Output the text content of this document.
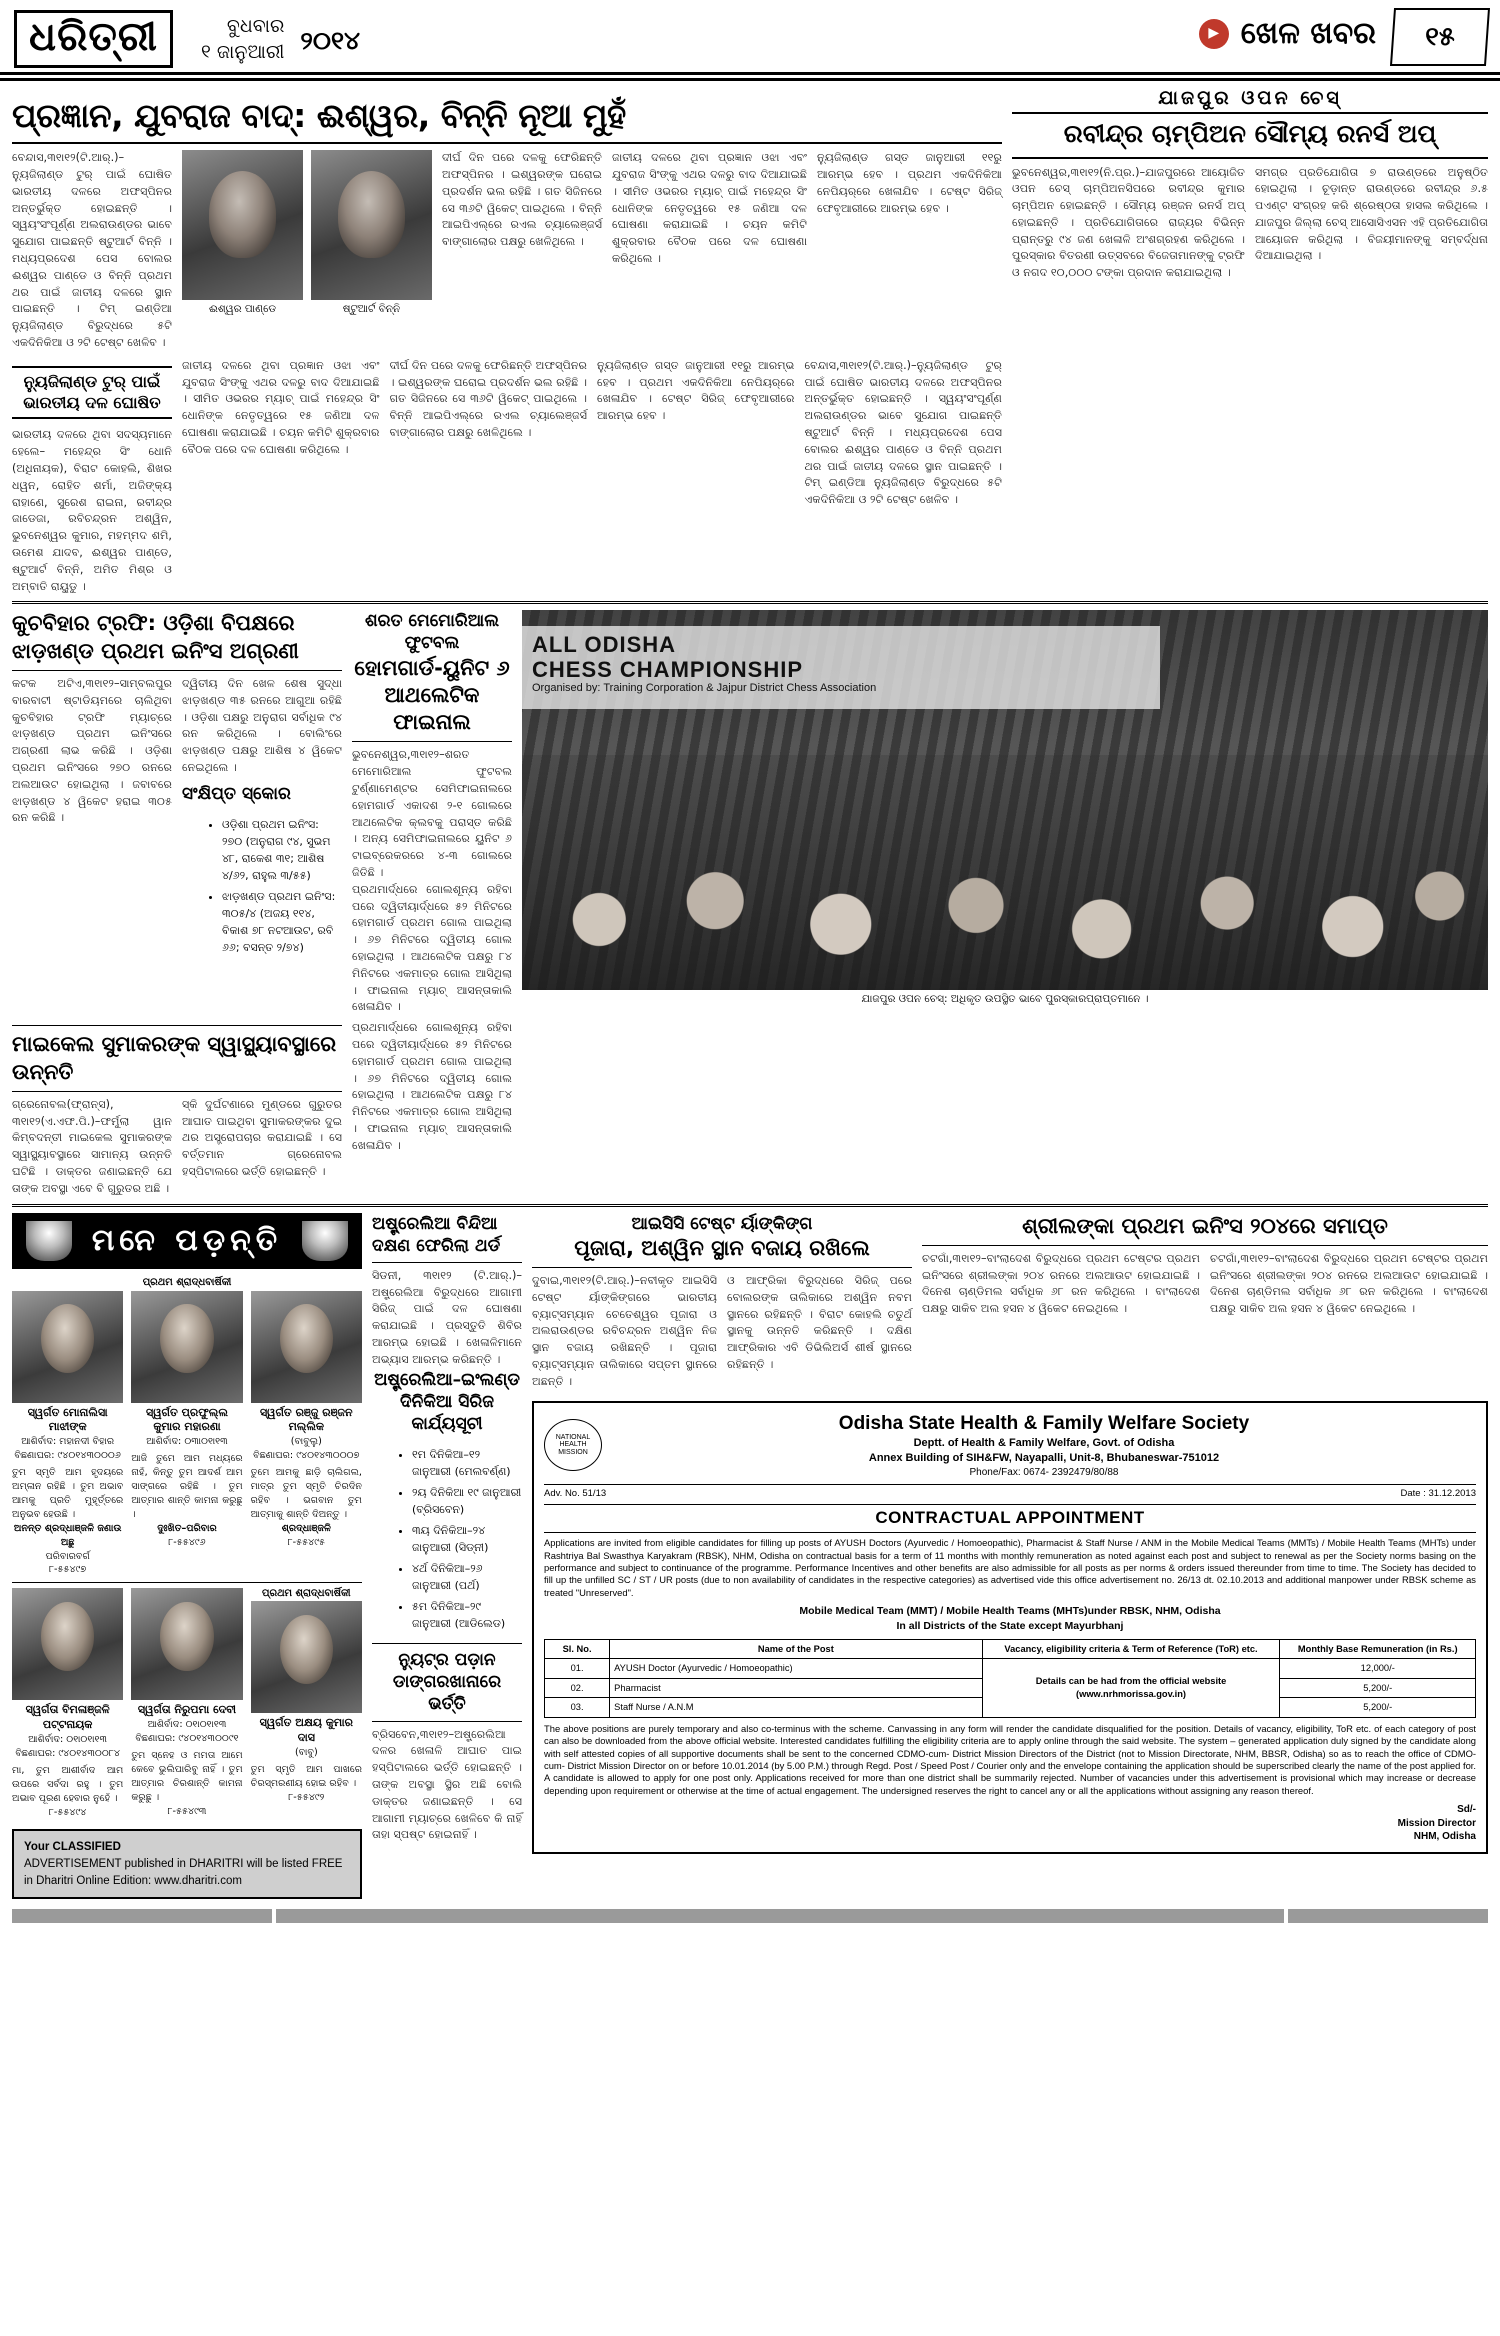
ଧରିତ୍ରୀ	ବୁଧବାର
୧ ଜାନୁଆରୀ ୨୦୧୪	▶ ଖେଳ ଖବର	୧୫
ପ୍ରଜ୍ଞାନ, ଯୁବରାଜ ବାଦ୍: ଈଶ୍ୱର, ବିନ୍ନି ନୂଆ ମୁହଁ
ବେନ୍ଦାସ,୩୧ା୧୨(ଟି.ଆର୍.)–ନ୍ୟୁଜିଲାଣ୍ଡ ଟୁର୍ ପାଇଁ ଘୋଷିତ ଭାରତୀୟ ଦଳରେ ଅଫସ୍ପିନର ଅନ୍ତର୍ଭୁକ୍ତ ହୋଇଛନ୍ତି । ସ୍ୱୟଂସଂପୂର୍ଣ୍ଣ ଅଲରାଉଣ୍ଡର ଭାବେ ସୁଯୋଗ ପାଇଛନ୍ତି ଷ୍ଟୁଆର୍ଟ ବିନ୍ନି । ମଧ୍ୟପ୍ରଦେଶ ପେସ ବୋଲର ଈଶ୍ୱର ପାଣ୍ଡେ ଓ ବିନ୍ନି ପ୍ରଥମ ଥର ପାଇଁ ଜାତୀୟ ଦଳରେ ସ୍ଥାନ ପାଇଛନ୍ତି । ଟିମ୍ ଇଣ୍ଡିଆ ନ୍ୟୁଜିଲାଣ୍ଡ ବିରୁଦ୍ଧରେ ୫ଟି ଏକଦିନିକିଆ ଓ ୨ଟି ଟେଷ୍ଟ ଖେଳିବ ।
ଈଶ୍ୱର ପାଣ୍ଡେ	ଷ୍ଟୁଆର୍ଟ ବିନ୍ନି
ଦୀର୍ଘ ଦିନ ପରେ ଦଳକୁ ଫେରିଛନ୍ତି ଅଫସ୍ପିନର । ଇଶ୍ୱରଙ୍କ ଘରୋଇ ପ୍ରଦର୍ଶନ ଭଲ ରହିଛି । ଗତ ସିଜିନରେ ସେ ୩୬ଟି ୱିକେଟ୍ ପାଇଥିଲେ । ବିନ୍ନି ଆଇପିଏଲ୍‌ରେ ରଏଲ ଚ୍ୟାଲେଞ୍ଜର୍ସ ବାଙ୍ଗାଲୋର ପକ୍ଷରୁ ଖେଳିଥିଲେ ।
ଜାତୀୟ ଦଳରେ ଥିବା ପ୍ରଜ୍ଞାନ ଓଝା ଏବଂ ଯୁବରାଜ ସିଂଙ୍କୁ ଏଥର ଦଳରୁ ବାଦ ଦିଆଯାଇଛି । ସୀମିତ ଓଭରର ମ୍ୟାଚ୍ ପାଇଁ ମହେନ୍ଦ୍ର ସିଂ ଧୋନିଙ୍କ ନେତୃତ୍ୱରେ ୧୫ ଜଣିଆ ଦଳ ଘୋଷଣା କରାଯାଇଛି । ଚୟନ କମିଟି ଶୁକ୍ରବାର ବୈଠକ ପରେ ଦଳ ଘୋଷଣା କରିଥିଲେ ।
ନ୍ୟୁଜିଲାଣ୍ଡ ଗସ୍ତ ଜାନୁଆରୀ ୧୧ରୁ ଆରମ୍ଭ ହେବ । ପ୍ରଥମ ଏକଦିନିକିଆ ନେପିୟର୍‌ରେ ଖେଳାଯିବ । ଟେଷ୍ଟ ସିରିଜ୍ ଫେବୃଆରୀରେ ଆରମ୍ଭ ହେବ ।
ନ୍ୟୁଜିଲାଣ୍ଡ ଟୁର୍ ପାଇଁ ଭାରତୀୟ ଦଳ ଘୋଷିତ
ଭାରତୀୟ ଦଳରେ ଥିବା ସଦସ୍ୟମାନେ ହେଲେ– ମହେନ୍ଦ୍ର ସିଂ ଧୋନି (ଅଧିନାୟକ), ବିରାଟ କୋହଲି, ଶିଖର ଧୱନ, ରୋହିତ ଶର୍ମା, ଅଜିଙ୍କ୍ୟ ରାହାଣେ, ସୁରେଶ ରାଇନା, ରବୀନ୍ଦ୍ର ଜାଡେଜା, ରବିଚନ୍ଦ୍ରନ ଅଶ୍ୱିନ, ଭୁବନେଶ୍ୱର କୁମାର, ମହମ୍ମଦ ଶମି, ଉମେଶ ଯାଦବ, ଈଶ୍ୱର ପାଣ୍ଡେ, ଷ୍ଟୁଆର୍ଟ ବିନ୍ନି, ଅମିତ ମିଶ୍ର ଓ ଅମ୍ବାତି ରାୟୁଡୁ ।
ଜାତୀୟ ଦଳରେ ଥିବା ପ୍ରଜ୍ଞାନ ଓଝା ଏବଂ ଯୁବରାଜ ସିଂଙ୍କୁ ଏଥର ଦଳରୁ ବାଦ ଦିଆଯାଇଛି । ସୀମିତ ଓଭରର ମ୍ୟାଚ୍ ପାଇଁ ମହେନ୍ଦ୍ର ସିଂ ଧୋନିଙ୍କ ନେତୃତ୍ୱରେ ୧୫ ଜଣିଆ ଦଳ ଘୋଷଣା କରାଯାଇଛି । ଚୟନ କମିଟି ଶୁକ୍ରବାର ବୈଠକ ପରେ ଦଳ ଘୋଷଣା କରିଥିଲେ ।
ଦୀର୍ଘ ଦିନ ପରେ ଦଳକୁ ଫେରିଛନ୍ତି ଅଫସ୍ପିନର । ଇଶ୍ୱରଙ୍କ ଘରୋଇ ପ୍ରଦର୍ଶନ ଭଲ ରହିଛି । ଗତ ସିଜିନରେ ସେ ୩୬ଟି ୱିକେଟ୍ ପାଇଥିଲେ । ବିନ୍ନି ଆଇପିଏଲ୍‌ରେ ରଏଲ ଚ୍ୟାଲେଞ୍ଜର୍ସ ବାଙ୍ଗାଲୋର ପକ୍ଷରୁ ଖେଳିଥିଲେ ।
ନ୍ୟୁଜିଲାଣ୍ଡ ଗସ୍ତ ଜାନୁଆରୀ ୧୧ରୁ ଆରମ୍ଭ ହେବ । ପ୍ରଥମ ଏକଦିନିକିଆ ନେପିୟର୍‌ରେ ଖେଳାଯିବ । ଟେଷ୍ଟ ସିରିଜ୍ ଫେବୃଆରୀରେ ଆରମ୍ଭ ହେବ ।
ବେନ୍ଦାସ,୩୧ା୧୨(ଟି.ଆର୍.)–ନ୍ୟୁଜିଲାଣ୍ଡ ଟୁର୍ ପାଇଁ ଘୋଷିତ ଭାରତୀୟ ଦଳରେ ଅଫସ୍ପିନର ଅନ୍ତର୍ଭୁକ୍ତ ହୋଇଛନ୍ତି । ସ୍ୱୟଂସଂପୂର୍ଣ୍ଣ ଅଲରାଉଣ୍ଡର ଭାବେ ସୁଯୋଗ ପାଇଛନ୍ତି ଷ୍ଟୁଆର୍ଟ ବିନ୍ନି । ମଧ୍ୟପ୍ରଦେଶ ପେସ ବୋଲର ଈଶ୍ୱର ପାଣ୍ଡେ ଓ ବିନ୍ନି ପ୍ରଥମ ଥର ପାଇଁ ଜାତୀୟ ଦଳରେ ସ୍ଥାନ ପାଇଛନ୍ତି । ଟିମ୍ ଇଣ୍ଡିଆ ନ୍ୟୁଜିଲାଣ୍ଡ ବିରୁଦ୍ଧରେ ୫ଟି ଏକଦିନିକିଆ ଓ ୨ଟି ଟେଷ୍ଟ ଖେଳିବ ।
ଯାଜପୁର ଓପନ ଚେସ୍
ରବୀନ୍ଦ୍ର ଚାମ୍ପିଅନ ସୌମ୍ୟ ରନର୍ସ ଅପ୍
ଭୁବନେଶ୍ୱର,୩୧ା୧୨(ନି.ପ୍ର.)–ଯାଜପୁରରେ ଆୟୋଜିତ ଓପନ ଚେସ୍ ଚାମ୍ପିଅନସିପରେ ରବୀନ୍ଦ୍ର କୁମାର ଚାମ୍ପିଅନ ହୋଇଛନ୍ତି । ସୌମ୍ୟ ରଞ୍ଜନ ରନର୍ସ ଅପ୍ ହୋଇଛନ୍ତି । ପ୍ରତିଯୋଗିତାରେ ରାଜ୍ୟର ବିଭିନ୍ନ ପ୍ରାନ୍ତରୁ ୯୪ ଜଣ ଖେଳାଳି ଅଂଶଗ୍ରହଣ କରିଥିଲେ । ପୁରସ୍କାର ବିତରଣୀ ଉତ୍ସବରେ ବିଜେତାମାନଙ୍କୁ ଟ୍ରଫି ଓ ନଗଦ ୧୦,୦୦୦ ଟଙ୍କା ପ୍ରଦାନ କରାଯାଇଥିଲା ।
ସମଗ୍ର ପ୍ରତିଯୋଗିତା ୭ ରାଉଣ୍ଡରେ ଅନୁଷ୍ଠିତ ହୋଇଥିଲା । ଚୂଡ଼ାନ୍ତ ରାଉଣ୍ଡରେ ରବୀନ୍ଦ୍ର ୬.୫ ପଏଣ୍ଟ ସଂଗ୍ରହ କରି ଶ୍ରେଷ୍ଠତା ହାସଲ କରିଥିଲେ । ଯାଜପୁର ଜିଲ୍ଲା ଚେସ୍ ଆସୋସିଏସନ ଏହି ପ୍ରତିଯୋଗିତା ଆୟୋଜନ କରିଥିଲା । ବିଜୟୀମାନଙ୍କୁ ସମ୍ବର୍ଦ୍ଧନା ଦିଆଯାଇଥିଲା ।
କୁଚବିହାର ଟ୍ରଫି: ଓଡ଼ିଶା ବିପକ୍ଷରେ ଝାଡ଼ଖଣ୍ଡ ପ୍ରଥମ ଇନିଂସ ଅଗ୍ରଣୀ
କଟକ ଅଟିଏ,୩୧ା୧୨–ସାମ୍ବଲପୁର ବାରବାଟୀ ଷ୍ଟାଡିୟମରେ ଚାଲିଥିବା କୁଚବିହାର ଟ୍ରଫି ମ୍ୟାଚ୍‌ରେ ଝାଡ଼ଖଣ୍ଡ ପ୍ରଥମ ଇନିଂସରେ ଅଗ୍ରଣୀ ଲାଭ କରିଛି । ଓଡ଼ିଶା ପ୍ରଥମ ଇନିଂସରେ ୨୭୦ ରନରେ ଅଲଆଉଟ ହୋଇଥିଲା । ଜବାବରେ ଝାଡ଼ଖଣ୍ଡ ୪ ୱିକେଟ ହରାଇ ୩୦୫ ରନ କରିଛି ।
ଦ୍ୱିତୀୟ ଦିନ ଖେଳ ଶେଷ ସୁଦ୍ଧା ଝାଡ଼ଖଣ୍ଡ ୩୫ ରନରେ ଆଗୁଆ ରହିଛି । ଓଡ଼ିଶା ପକ୍ଷରୁ ଅନୁରାଗ ସର୍ବାଧିକ ୯୪ ରନ କରିଥିଲେ । ବୋଲିଂରେ ଝାଡ଼ଖଣ୍ଡ ପକ୍ଷରୁ ଆଶିଷ ୪ ୱିକେଟ ନେଇଥିଲେ ।
ସଂକ୍ଷିପ୍ତ ସ୍କୋର
• ଓଡ଼ିଶା ପ୍ରଥମ ଇନିଂସ: ୨୭୦ (ଅନୁରାଗ ୯୪, ସୁଭମ ୪୮, ରାକେଶ ୩୧; ଆଶିଷ ୪/୬୨, ରାହୁଲ ୩/୫୫)
• ଝାଡ଼ଖଣ୍ଡ ପ୍ରଥମ ଇନିଂସ: ୩୦୫/୪ (ଅଜୟ ୧୧୪, ବିକାଶ ୭୮ ନଟଆଉଟ, ରବି ୬୬; ବସନ୍ତ ୨/୭୪)
ଶରତ ମେମୋରିଆଲ ଫୁଟବଲ
ହୋମଗାର୍ଡ-ୟୁନିଟ ୬ ଆଥଲେଟିକ ଫାଇନାଲ
ଭୁବନେଶ୍ୱର,୩୧ା୧୨–ଶରତ ମେମୋରିଆଲ ଫୁଟବଲ ଟୁର୍ଣ୍ଣାମେଣ୍ଟର ସେମିଫାଇନାଲରେ ହୋମଗାର୍ଡ ଏକାଦଶ ୨-୧ ଗୋଲରେ ଆଥଲେଟିକ କ୍ଲବକୁ ପରାସ୍ତ କରିଛି । ଅନ୍ୟ ସେମିଫାଇନାଲରେ ୟୁନିଟ ୬ ଟାଇବ୍ରେକରରେ ୪-୩ ଗୋଲରେ ଜିତିଛି ।
ପ୍ରଥମାର୍ଦ୍ଧରେ ଗୋଲଶୂନ୍ୟ ରହିବା ପରେ ଦ୍ୱିତୀୟାର୍ଦ୍ଧରେ ୫୨ ମିନିଟରେ ହୋମଗାର୍ଡ ପ୍ରଥମ ଗୋଲ ପାଇଥିଲା । ୬୭ ମିନିଟରେ ଦ୍ୱିତୀୟ ଗୋଲ ହୋଇଥିଲା । ଆଥଲେଟିକ ପକ୍ଷରୁ ୮୪ ମିନିଟରେ ଏକମାତ୍ର ଗୋଲ ଆସିଥିଲା । ଫାଇନାଲ ମ୍ୟାଚ୍ ଆସନ୍ତାକାଲି ଖେଳାଯିବ ।
ALL ODISHA
CHESS CHAMPIONSHIP
Organised by: Training Corporation & Jajpur District Chess Association
ଯାଜପୁର ଓପନ ଚେସ୍: ଅଧିକୃତ ଉପସ୍ଥିତ ଭାବେ ପୁରସ୍କାରପ୍ରାପ୍ତମାନେ ।
ମାଇକେଲ ସୁମାକରଙ୍କ ସ୍ୱାସ୍ଥ୍ୟାବସ୍ଥାରେ ଉନ୍ନତି
ଗ୍ରେନୋବଲ(ଫ୍ରାନ୍ସ), ୩୧ା୧୨(ଏ.ଏଫ.ପି.)–ଫର୍ମୁଲା ୱାନ କିମ୍ବଦନ୍ତୀ ମାଇକେଲ ସୁମାକରଙ୍କ ସ୍ୱାସ୍ଥ୍ୟାବସ୍ଥାରେ ସାମାନ୍ୟ ଉନ୍ନତି ଘଟିଛି । ଡାକ୍ତର ଜଣାଇଛନ୍ତି ଯେ ତାଙ୍କ ଅବସ୍ଥା ଏବେ ବି ଗୁରୁତର ଅଛି ।
ସ୍କି ଦୁର୍ଘଟଣାରେ ମୁଣ୍ଡରେ ଗୁରୁତର ଆଘାତ ପାଇଥିବା ସୁମାକରଙ୍କର ଦୁଇ ଥର ଅସ୍ତ୍ରୋପଚାର କରାଯାଇଛି । ସେ ବର୍ତ୍ତମାନ ଗ୍ରେନୋବଲ ହସ୍ପିଟାଲରେ ଭର୍ତ୍ତି ହୋଇଛନ୍ତି ।
ପ୍ରଥମାର୍ଦ୍ଧରେ ଗୋଲଶୂନ୍ୟ ରହିବା ପରେ ଦ୍ୱିତୀୟାର୍ଦ୍ଧରେ ୫୨ ମିନିଟରେ ହୋମଗାର୍ଡ ପ୍ରଥମ ଗୋଲ ପାଇଥିଲା । ୬୭ ମିନିଟରେ ଦ୍ୱିତୀୟ ଗୋଲ ହୋଇଥିଲା । ଆଥଲେଟିକ ପକ୍ଷରୁ ୮୪ ମିନିଟରେ ଏକମାତ୍ର ଗୋଲ ଆସିଥିଲା । ଫାଇନାଲ ମ୍ୟାଚ୍ ଆସନ୍ତାକାଲି ଖେଳାଯିବ ।
ମନେ ପଡ଼ନ୍ତି
ପ୍ରଥମ ଶ୍ରାଦ୍ଧବାର୍ଷିକୀ
ସ୍ୱର୍ଗତ ମୋନାଲିସା ମାଝୀଙ୍କ
ଆଶିର୍ବାଦ: ମହାନଦୀ ବିହାର
ବିଛଣାଘର: ୯୪୦୧୪୩୦୦୦୬
ତୁମ ସ୍ମୃତି ଆମ ହୃଦୟରେ ଅମ୍ଳାନ ରହିଛି । ତୁମ ଅଭାବ ଆମକୁ ପ୍ରତି ମୁହୂର୍ତ୍ତରେ ଅନୁଭବ ହେଉଛି ।
ଅନନ୍ତ ଶ୍ରଦ୍ଧାଞ୍ଜଳି ଜଣାଉ ଅଛୁ
ପରିବାରବର୍ଗ
୮-୫୫୪୯୭
ସ୍ୱର୍ଗତ ପ୍ରଫୁଲ୍ଲ କୁମାର ମହାରଣା
ଆଶିର୍ବାଦ: ୦୩ା୦୧ା୧୩
ଆଜି ତୁମେ ଆମ ମଧ୍ୟରେ ନାହଁ, କିନ୍ତୁ ତୁମ ଆଦର୍ଶ ଆମ ସାଙ୍ଗରେ ରହିଛି । ତୁମ ଆତ୍ମାର ଶାନ୍ତି କାମନା କରୁଛୁ ।
ଦୁଃଖିତ–ପରିବାର
୮-୫୫୪୯୬
ସ୍ୱର୍ଗତ ରଞ୍ଜୁ ରଞ୍ଜନ ମଲ୍ଲିକ
(ବାବୁଲୁ)
ବିଛଣାଘର: ୯୪୦୧୪୩୦୦୦୭
ତୁମେ ଆମକୁ ଛାଡ଼ି ଚାଲିଗଲ, ମାତ୍ର ତୁମ ସ୍ମୃତି ଚିରଦିନ ରହିବ । ଭଗବାନ ତୁମ ଆତ୍ମାକୁ ଶାନ୍ତି ଦିଅନ୍ତୁ ।
ଶ୍ରଦ୍ଧାଞ୍ଜଳି
୮-୫୫୪୯୫
ସ୍ୱର୍ଗତା ବିମଳାଞ୍ଜଳି ପଟ୍ଟନାୟକ
ଆଶିର୍ବାଦ: ୦୧ା୦୧ା୧୩
ବିଛଣାଘର: ୯୪୦୧୪୩୦୦୮୪
ମା, ତୁମ ଆଶୀର୍ବାଦ ଆମ ଉପରେ ସର୍ବଦା ରହୁ । ତୁମ ଅଭାବ ପୂରଣ ହେବାର ନୁହେଁ ।
୮-୫୫୪୯୪
ସ୍ୱର୍ଗତା ନିରୁପମା ଦେବୀ
ଆଶିର୍ବାଦ: ୦୧ା୦୧ା୧୩
ବିଛଣାଘର: ୯୪୦୧୪୩୦୦୯୧
ତୁମ ସ୍ନେହ ଓ ମମତା ଆମେ କେବେ ଭୁଲିପାରିବୁ ନାହିଁ । ତୁମ ଆତ୍ମାର ଚିରଶାନ୍ତି କାମନା କରୁଛୁ ।
୮-୫୫୪୯୩
ପ୍ରଥମ ଶ୍ରାଦ୍ଧବାର୍ଷିକୀ
ସ୍ୱର୍ଗତ ଅକ୍ଷୟ କୁମାର ଦାସ
(ବାବୁ)
ତୁମ ସ୍ମୃତି ଆମ ପାଖରେ ଚିରସ୍ମରଣୀୟ ହୋଇ ରହିବ ।
୮-୫୫୪୯୨
Your CLASSIFIED
ADVERTISEMENT published in DHARITRI will be listed FREE
in Dharitri Online Edition: www.dharitri.com
ଅଷ୍ଟ୍ରେଲିଆ ବିନ୍ଦିଆ ଦକ୍ଷଣ ଫେରିଲା ଥର୍ଡ
ସିଡନୀ, ୩୧ା୧୨ (ଟି.ଆର୍.)–ଅଷ୍ଟ୍ରେଲିଆ ବିରୁଦ୍ଧରେ ଆଗାମୀ ସିରିଜ୍ ପାଇଁ ଦଳ ଘୋଷଣା କରାଯାଇଛି । ପ୍ରସ୍ତୁତି ଶିବିର ଆରମ୍ଭ ହୋଇଛି । ଖେଳାଳିମାନେ ଅଭ୍ୟାସ ଆରମ୍ଭ କରିଛନ୍ତି ।
ଅଷ୍ଟ୍ରେଲିଆ–ଇଂଲଣ୍ଡ ଦିନିକିଆ ସିରିଜ କାର୍ଯ୍ୟସୂଚୀ
• ୧ମ ଦିନିକିଆ–୧୨ ଜାନୁଆରୀ (ମେଲବର୍ଣ୍ଣ)
• ୨ୟ ଦିନିକିଆ ୧୯ ଜାନୁଆରୀ (ବ୍ରିସବେନ)
• ୩ୟ ଦିନିକିଆ–୨୪ ଜାନୁଆରୀ (ସିଡ୍ନୀ)
• ୪ର୍ଥ ଦିନିକିଆ–୨୬ ଜାନୁଆରୀ (ପର୍ଥ)
• ୫ମ ଦିନିକିଆ–୨୯ ଜାନୁଆରୀ (ଆଡିଲେଡ)
ନ୍ୟୁଟ୍ର ପଡ଼ାନ ଡାଙ୍ଗରଖାନାରେ ଭର୍ତ୍ତି
ବ୍ରିସବେନ,୩୧ା୧୨–ଅଷ୍ଟ୍ରେଲିଆ ଦଳର ଖେଳାଳି ଆଘାତ ପାଇ ହସ୍ପିଟାଲରେ ଭର୍ତ୍ତି ହୋଇଛନ୍ତି । ତାଙ୍କ ଅବସ୍ଥା ସ୍ଥିର ଅଛି ବୋଲି ଡାକ୍ତର ଜଣାଇଛନ୍ତି । ସେ ଆଗାମୀ ମ୍ୟାଚ୍‌ରେ ଖେଳିବେ କି ନାହିଁ ତାହା ସ୍ପଷ୍ଟ ହୋଇନାହିଁ ।
ଆଇସିସି ଟେଷ୍ଟ ର୍ୟାଙ୍କିଙ୍ଗ
ପୂଜାରା, ଅଶ୍ୱିନ ସ୍ଥାନ ବଜାୟ ରଖିଲେ
ଦୁବାଇ,୩୧ା୧୨(ଟି.ଆର୍.)–ନବୀକୃତ ଆଇସିସି ଟେଷ୍ଟ ର୍ୟାଙ୍କିଙ୍ଗରେ ଭାରତୀୟ ବ୍ୟାଟ୍‌ସମ୍ୟାନ ଚେତେଶ୍ୱର ପୂଜାରା ଓ ଅଲରାଉଣ୍ଡର ରବିଚନ୍ଦ୍ରନ ଅଶ୍ୱିନ ନିଜ ସ୍ଥାନ ବଜାୟ ରଖିଛନ୍ତି । ପୂଜାରା ବ୍ୟାଟ୍‌ସମ୍ୟାନ ତାଲିକାରେ ସପ୍ତମ ସ୍ଥାନରେ ଅଛନ୍ତି ।
ଓ ଆଫ୍ରିକା ବିରୁଦ୍ଧରେ ସିରିଜ୍ ପରେ ବୋଲରଙ୍କ ତାଲିକାରେ ଅଶ୍ୱିନ ନବମ ସ୍ଥାନରେ ରହିଛନ୍ତି । ବିରାଟ କୋହଲି ଚତୁର୍ଥ ସ୍ଥାନକୁ ଉନ୍ନତି କରିଛନ୍ତି । ଦକ୍ଷିଣ ଆଫ୍ରିକାର ଏବି ଡିଭିଲିଅର୍ସ ଶୀର୍ଷ ସ୍ଥାନରେ ରହିଛନ୍ତି ।
ଶ୍ରୀଲଙ୍କା ପ୍ରଥମ ଇନିଂସ ୨୦୪ରେ ସମାପ୍ତ
ଚଟଗାଁ,୩୧ା୧୨–ବାଂଲାଦେଶ ବିରୁଦ୍ଧରେ ପ୍ରଥମ ଟେଷ୍ଟର ପ୍ରଥମ ଇନିଂସରେ ଶ୍ରୀଲଙ୍କା ୨୦୪ ରନରେ ଅଲଆଉଟ ହୋଇଯାଇଛି । ଦିନେଶ ଚାଣ୍ଡିମଲ ସର୍ବାଧିକ ୬୮ ରନ କରିଥିଲେ । ବାଂଲାଦେଶ ପକ୍ଷରୁ ସାକିବ ଅଲ ହସନ ୪ ୱିକେଟ ନେଇଥିଲେ ।
ଚଟଗାଁ,୩୧ା୧୨–ବାଂଲାଦେଶ ବିରୁଦ୍ଧରେ ପ୍ରଥମ ଟେଷ୍ଟର ପ୍ରଥମ ଇନିଂସରେ ଶ୍ରୀଲଙ୍କା ୨୦୪ ରନରେ ଅଲଆଉଟ ହୋଇଯାଇଛି । ଦିନେଶ ଚାଣ୍ଡିମଲ ସର୍ବାଧିକ ୬୮ ରନ କରିଥିଲେ । ବାଂଲାଦେଶ ପକ୍ଷରୁ ସାକିବ ଅଲ ହସନ ୪ ୱିକେଟ ନେଇଥିଲେ ।
NATIONAL HEALTH MISSION
Odisha State Health & Family Welfare Society
Deptt. of Health & Family Welfare, Govt. of Odisha
Annex Building of SIH&FW, Nayapalli, Unit-8, Bhubaneswar-751012
Phone/Fax: 0674- 2392479/80/88
Adv. No. 51/13	Date : 31.12.2013
CONTRACTUAL APPOINTMENT
Applications are invited from eligible candidates for filling up posts of AYUSH Doctors (Ayurvedic / Homoeopathic), Pharmacist & Staff Nurse / ANM in the Mobile Medical Teams (MMTs) / Mobile Health Teams (MHTs) under Rashtriya Bal Swasthya Karyakram (RBSK), NHM, Odisha on contractual basis for a term of 11 months with monthly remuneration as noted against each post and subject to renewal as per the Society norms basing on the performance and subject to continuance of the programme. Performance Incentives and other benefits are also admissible for all posts as per norms & orders issued thereunder from time to time. The Society has decided to fill up the unfilled SC / ST / UR posts (due to non availability of candidates in the respective categories) as advertised vide this office advertisement no. 26/13 dt. 02.10.2013 and additional manpower under RBSK scheme as treated "Unreserved".
Mobile Medical Team (MMT) / Mobile Health Teams (MHTs)under RBSK, NHM, Odisha
In all Districts of the State except Mayurbhanj
Sl. No.	Name of the Post	Vacancy, eligibility criteria & Term of Reference (ToR) etc.	Monthly Base Remuneration (in Rs.)
01.	AYUSH Doctor (Ayurvedic / Homoeopathic)	Details can be had from the official website (www.nrhmorissa.gov.in)	12,000/-
02.	Pharmacist		5,200/-
03.	Staff Nurse / A.N.M		5,200/-
The above positions are purely temporary and also co-terminus with the scheme. Canvassing in any form will render the candidate disqualified for the position. Details of vacancy, eligibility, ToR etc. of each category of post can also be downloaded from the above official website. Interested candidates fulfilling the eligibility criteria are to apply online through the said website. The system – generated application duly signed by the candidate along with self attested copies of all supportive documents shall be sent to the concerned CDMO-cum- District Mission Directors of the District (not to Mission Directorate, NHM, BBSR, Odisha) so as to reach the office of CDMO-cum- District Mission Director on or before 10.01.2014 (by 5.00 P.M.) through Regd. Post / Speed Post / Courier only and the envelope containing the application should be superscribed clearly the name of the post applied for. A candidate is allowed to apply for one post only. Applications received for more than one district shall be summarily rejected. Number of vacancies under this advertisement is provisional which may increase or decrease depending upon requirement or otherwise at the time of actual engagement. The undersigned reserves the right to cancel any or all the applications without assigning any reason thereof.
Sd/-
Mission Director
NHM, Odisha
